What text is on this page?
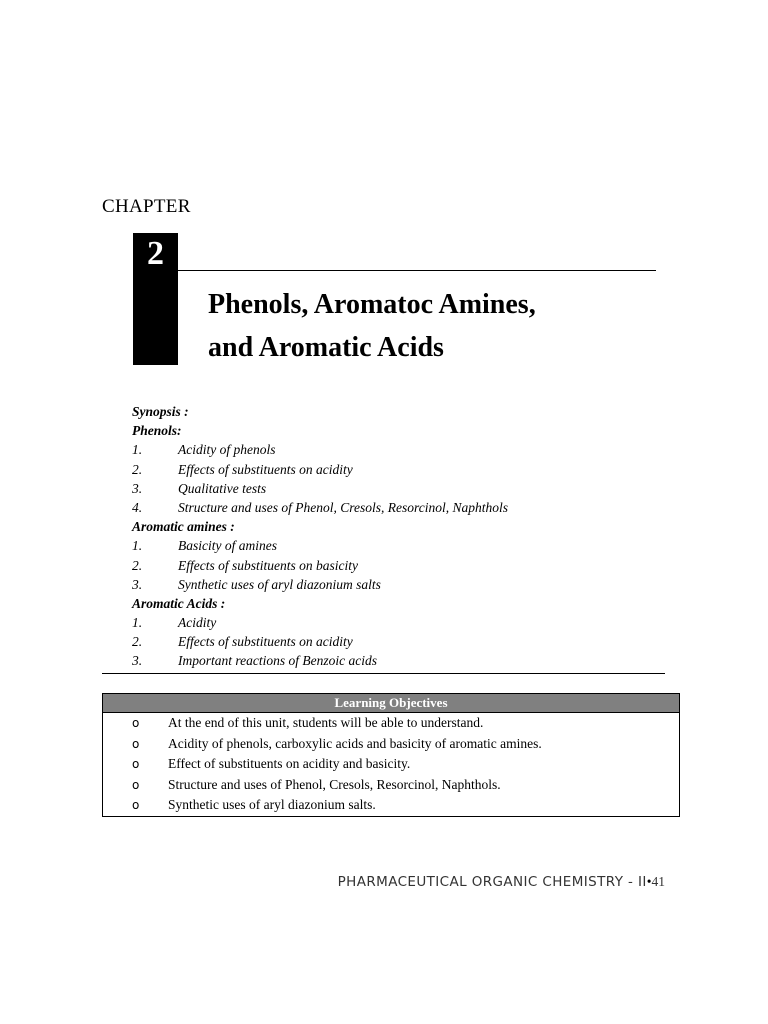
CHAPTER
2
Phenols, Aromatoc Amines,
and Aromatic Acids
Synopsis :
Phenols:
1.	Acidity of phenols
2.	Effects of substituents on acidity
3.	Qualitative tests
4.	Structure and uses of Phenol, Cresols, Resorcinol, Naphthols
Aromatic amines :
1.	Basicity of amines
2.	Effects of substituents on basicity
3.	Synthetic uses of aryl diazonium salts
Aromatic Acids :
1.	Acidity
2.	Effects of substituents on acidity
3.	Important reactions of Benzoic acids
Learning Objectives
o At the end of this unit, students will be able to understand.
o Acidity of phenols, carboxylic acids and basicity of aromatic amines.
o Effect of substituents on acidity and basicity.
o Structure and uses of Phenol, Cresols, Resorcinol, Naphthols.
o Synthetic uses of aryl diazonium salts.
PHARMACEUTICAL ORGANIC CHEMISTRY - II•41
